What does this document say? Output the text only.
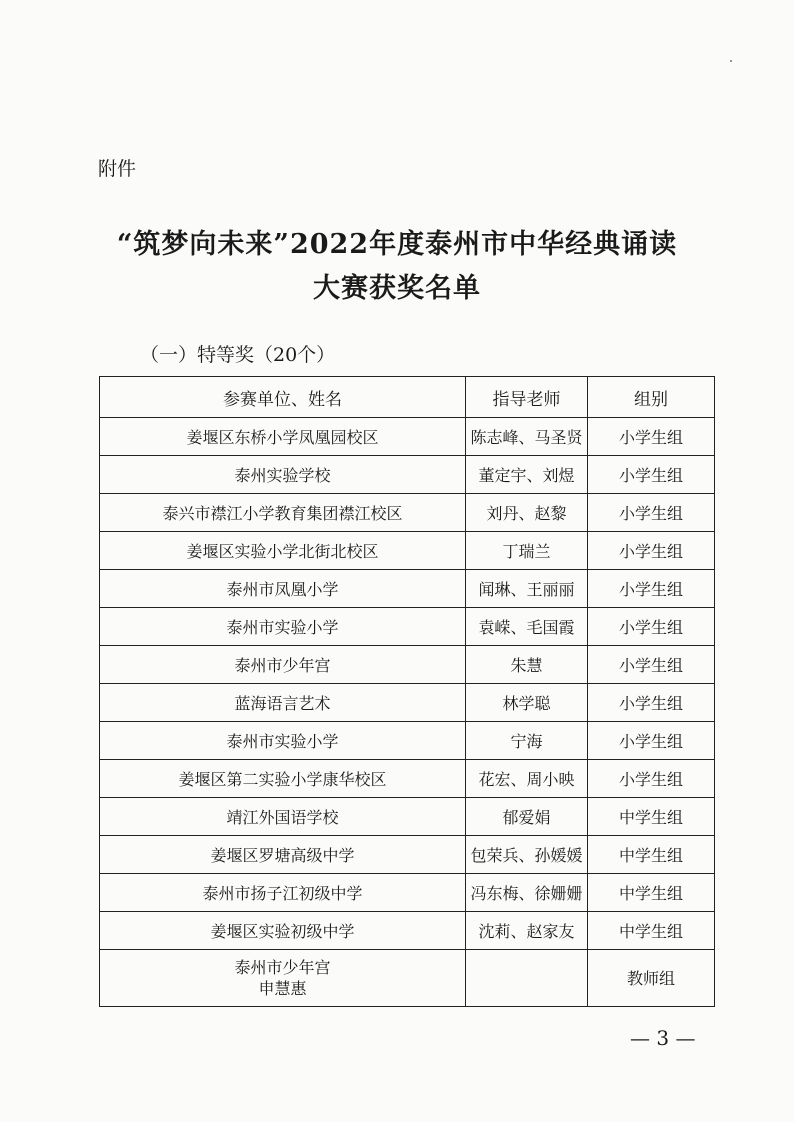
附件
“筑梦向未来”2022年度泰州市中华经典诵读
大赛获奖名单
（一）特等奖（20个）
参赛单位、姓名	指导老师	组别
姜堰区东桥小学凤凰园校区	陈志峰、马圣贤	小学生组
泰州实验学校	董定宇、刘煜	小学生组
泰兴市襟江小学教育集团襟江校区	刘丹、赵黎	小学生组
姜堰区实验小学北街北校区	丁瑞兰	小学生组
泰州市凤凰小学	闻琳、王丽丽	小学生组
泰州市实验小学	袁嵘、毛国霞	小学生组
泰州市少年宫	朱慧	小学生组
蓝海语言艺术	林学聪	小学生组
泰州市实验小学	宁海	小学生组
姜堰区第二实验小学康华校区	花宏、周小映	小学生组
靖江外国语学校	郁爱娟	中学生组
姜堰区罗塘高级中学	包荣兵、孙媛媛	中学生组
泰州市扬子江初级中学	冯东梅、徐姗姗	中学生组
姜堰区实验初级中学	沈莉、赵家友	中学生组

泰州市少年宫
申慧惠		教师组
— 3 —
